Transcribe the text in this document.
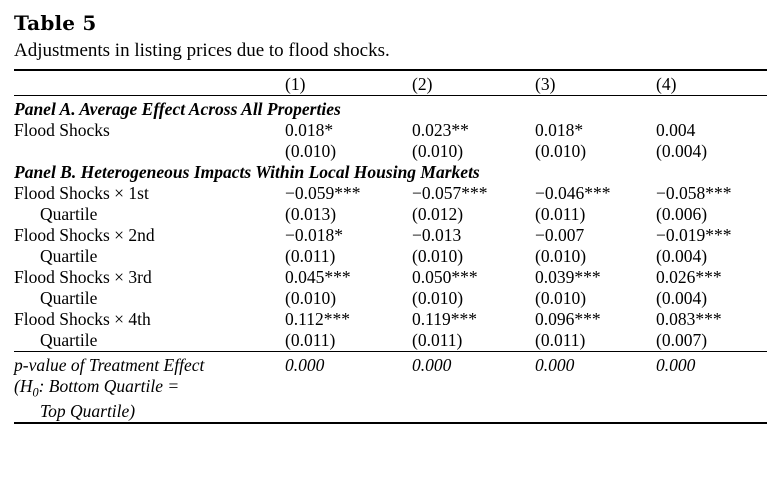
Table 5
Adjustments in listing prices due to flood shocks.

	(1)	(2)	(3)	(4)

Panel A. Average Effect Across All Properties				
Flood Shocks	0.018*	0.023**	0.018*	0.004
	(0.010)	(0.010)	(0.010)	(0.004)
Panel B. Heterogeneous Impacts Within Local Housing Markets				
Flood Shocks × 1st	−0.059***	−0.057***	−0.046***	−0.058***
Quartile	(0.013)	(0.012)	(0.011)	(0.006)
Flood Shocks × 2nd	−0.018*	−0.013	−0.007	−0.019***
Quartile	(0.011)	(0.010)	(0.010)	(0.004)
Flood Shocks × 3rd	0.045***	0.050***	0.039***	0.026***
Quartile	(0.010)	(0.010)	(0.010)	(0.004)
Flood Shocks × 4th	0.112***	0.119***	0.096***	0.083***
Quartile	(0.011)	(0.011)	(0.011)	(0.007)

p-value of Treatment Effect	0.000	0.000	0.000	0.000
($H_0$: Bottom Quartile =				
Top Quartile)				
